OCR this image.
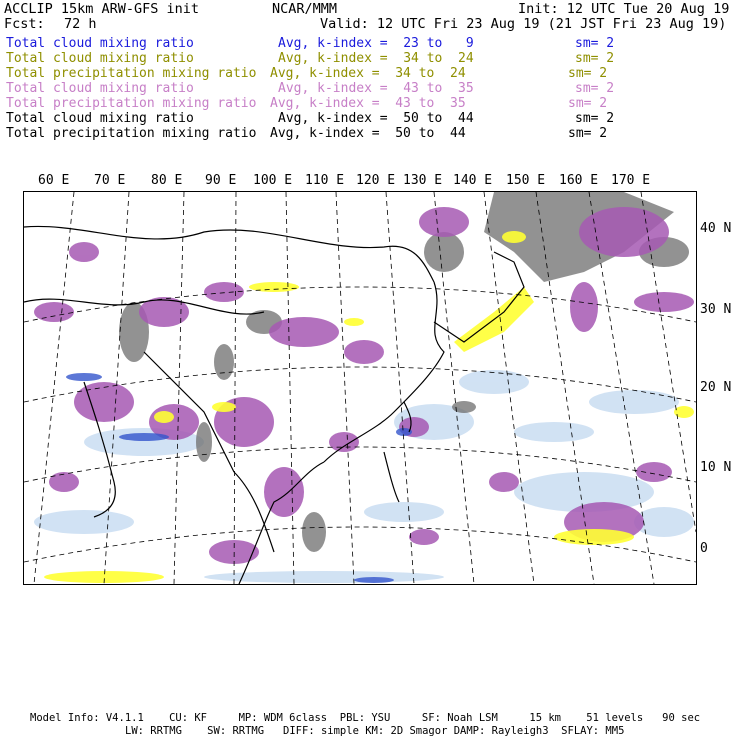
ACCLIP 15km ARW-GFS init	NCAR/MMM	Init: 12 UTC Tue 20 Aug 19
Fcst: 72 h	Valid: 12 UTC Fri 23 Aug 19 (21 JST Fri 23 Aug 19)
Total cloud mixing ratio	Avg, k-index =  23 to   9	sm= 2
Total cloud mixing ratio	Avg, k-index =  34 to  24	sm= 2
Total precipitation mixing ratio Avg, k-index =  34 to  24	sm= 2
Total cloud mixing ratio	Avg, k-index =  43 to  35	sm= 2
Total precipitation mixing ratio Avg, k-index =  43 to  35	sm= 2
Total cloud mixing ratio	Avg, k-index =  50 to  44	sm= 2
Total precipitation mixing ratio Avg, k-index =  50 to  44	sm= 2
60 E 70 E 80 E 90 E 100 E 110 E 120 E 130 E 140 E 150 E 160 E 170 E
40 N
30 N
20 N
10 N
0
Model Info: V4.1.1    CU: KF     MP: WDM 6class  PBL: YSU     SF: Noah LSM     15 km    51 levels   90 sec
LW: RRTMG    SW: RRTMG   DIFF: simple KM: 2D Smagor DAMP: Rayleigh3  SFLAY: MM5
